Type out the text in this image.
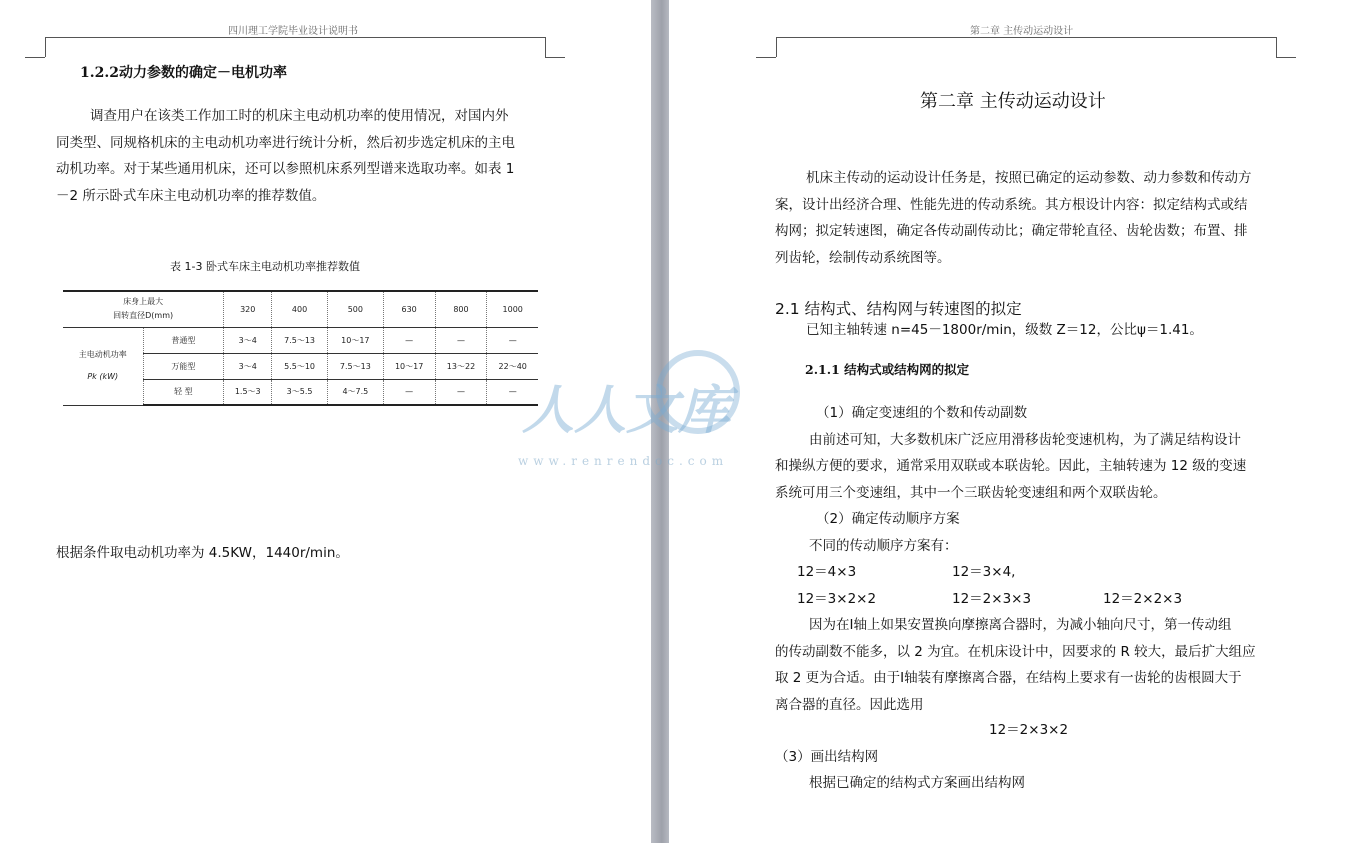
四川理工学院毕业设计说明书
1.2.2动力参数的确定－电机功率
调查用户在该类工作加工时的机床主电动机功率的使用情况，对国内外
同类型、同规格机床的主电动机功率进行统计分析，然后初步选定机床的主电
动机功率。对于某些通用机床，还可以参照机床系列型谱来选取功率。如表 1
－2 所示卧式车床主电动机功率的推荐数值。
表 1-3 卧式车床主电动机功率推荐数值
床身上最大
回转直径D(mm)		320	400	500	630	800	1000

主电动机功率
Pk (kW)	普通型	3～4	7.5～13	10～17	—	—	—
	万能型	3～4	5.5～10	7.5～13	10～17	13～22	22～40
	轻 型	1.5～3	3～5.5	4～7.5	—	—	—
根据条件取电动机功率为 4.5KW，1440r/min。
第二章 主传动运动设计
第二章 主传动运动设计
机床主传动的运动设计任务是，按照已确定的运动参数、动力参数和传动方
案，设计出经济合理、性能先进的传动系统。其方根设计内容：拟定结构式或结
构网；拟定转速图，确定各传动副传动比；确定带轮直径、齿轮齿数；布置、排
列齿轮，绘制传动系统图等。
2.1 结构式、结构网与转速图的拟定
已知主轴转速 n=45－1800r/min，级数 Z＝12，公比ψ＝1.41。
2.1.1 结构式或结构网的拟定
（1）确定变速组的个数和传动副数
由前述可知，大多数机床广泛应用滑移齿轮变速机构，为了满足结构设计
和操纵方便的要求，通常采用双联或本联齿轮。因此，主轴转速为 12 级的变速
系统可用三个变速组，其中一个三联齿轮变速组和两个双联齿轮。
（2）确定传动顺序方案
不同的传动顺序方案有：
12＝4×3	12＝3×4,
12＝3×2×2	12＝2×3×3	12＝2×2×3
因为在Ⅰ轴上如果安置换向摩擦离合器时，为减小轴向尺寸，第一传动组
的传动副数不能多，以 2 为宜。在机床设计中，因要求的 R 较大，最后扩大组应
取 2 更为合适。由于Ⅰ轴装有摩擦离合器，在结构上要求有一齿轮的齿根圆大于
离合器的直径。因此选用
12＝2×3×2
（3）画出结构网
根据已确定的结构式方案画出结构网
人人文库
www.renrendoc.com
